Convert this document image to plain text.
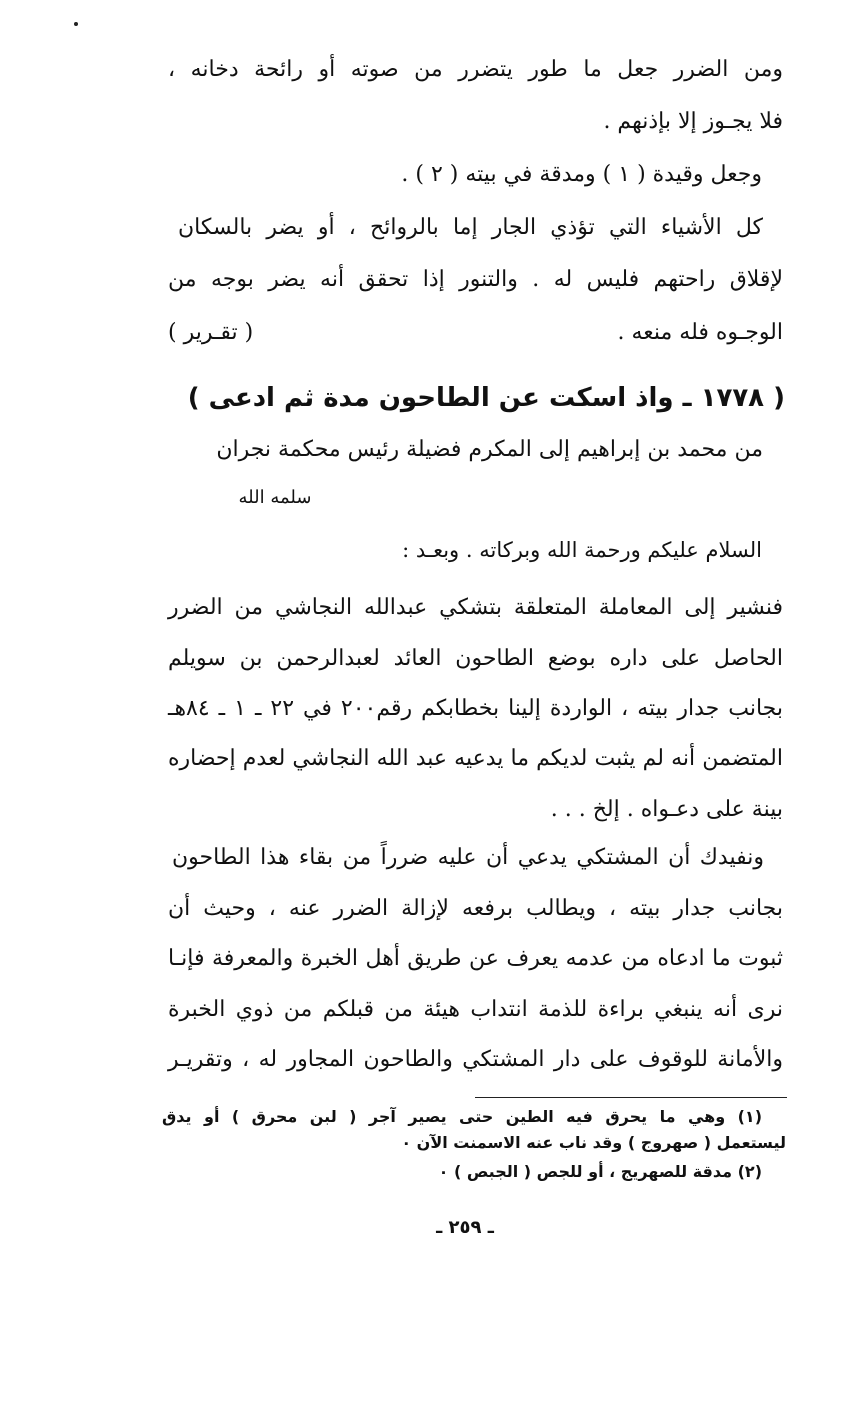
ومن الضرر جعل ما طور يتضرر من صوته أو رائحة دخانه ،
فلا يجـوز إلا بإذنهم .
وجعل وقيدة ( ١ ) ومدقة في بيته ( ٢ ) .
كل الأشياء التي تؤذي الجار إما بالروائح ، أو يضر بالسكان
لإقلاق راحتهم فليس له . والتنور إذا تحقق أنه يضر بوجه من
الوجـوه فله منعه .
( تقـرير )
( ١٧٧٨ ـ واذ اسكت عن الطاحون مدة ثم ادعى )
من محمد بن إبراهيم إلى المكرم فضيلة رئيس محكمة نجران
سلمه الله
السلام عليكم ورحمة الله وبركاته . وبعـد :
فنشير إلى المعاملة المتعلقة بتشكي عبدالله النجاشي من الضرر
الحاصل على داره بوضع الطاحون العائد لعبدالرحمن بن سويلم
بجانب جدار بيته ، الواردة إلينا بخطابكم رقم٢٠٠ في ٢٢ ـ ١ ـ ٨٤هـ
المتضمن أنه لم يثبت لديكم ما يدعيه عبد الله النجاشي لعدم إحضاره
بينة على دعـواه . إلخ . . .
ونفيدك أن المشتكي يدعي أن عليه ضرراً من بقاء هذا الطاحون
بجانب جدار بيته ، ويطالب برفعه لإزالة الضرر عنه ، وحيث أن
ثبوت ما ادعاه من عدمه يعرف عن طريق أهل الخبرة والمعرفة فإنـا
نرى أنه ينبغي براءة للذمة انتداب هيئة من قبلكم من ذوي الخبرة
والأمانة للوقوف على دار المشتكي والطاحون المجاور له ، وتقريـر
(١) وهي ما يحرق فيه الطين حتى يصير آجر ( لبن محرق ) أو يدق
ليستعمل ( صهروج ) وقد ناب عنه الاسمنت الآن ٠
(٢) مدقة للصهريج ، أو للجص ( الجبص ) ٠
ـ ٢٥٩ ـ
